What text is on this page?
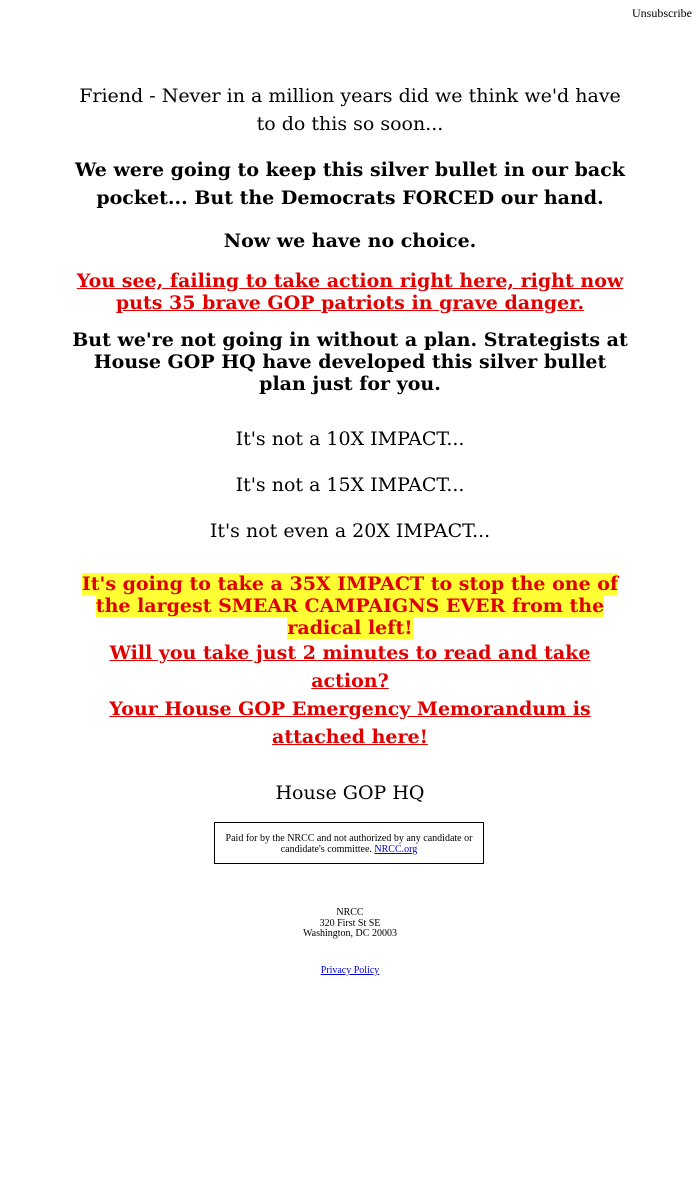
Unsubscribe

Friend - Never in a million years did we think we'd have to do this so soon...

We were going to keep this silver bullet in our back pocket... But the Democrats FORCED our hand.

Now we have no choice.

You see, failing to take action right here, right now puts 35 brave GOP patriots in grave danger.

But we're not going in without a plan. Strategists at House GOP HQ have developed this silver bullet plan just for you.

It's not a 10X IMPACT...

It's not a 15X IMPACT...

It's not even a 20X IMPACT...

It's going to take a 35X IMPACT to stop the one of the largest SMEAR CAMPAIGNS EVER from the radical left!

Will you take just 2 minutes to read and take action?

Your House GOP Emergency Memorandum is attached here!

House GOP HQ

Paid for by the NRCC and not authorized by any candidate or candidate's committee. NRCC.org
NRCC
320 First St SE
Washington, DC 20003
Privacy Policy
